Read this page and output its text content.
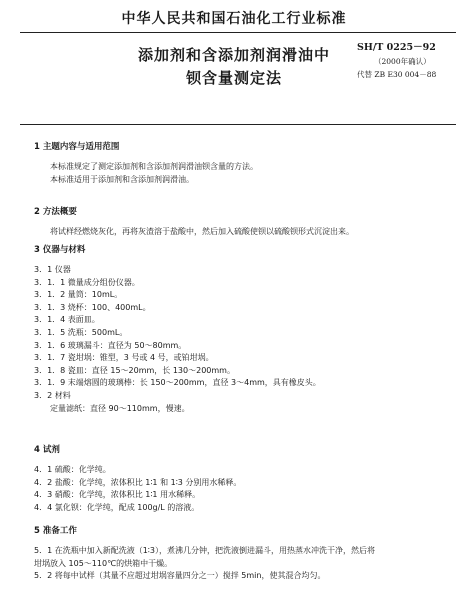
中华人民共和国石油化工行业标准
添加剂和含添加剂润滑油中
钡含量测定法
SH/T 0225－92
（2000年确认）
代替 ZB E30 004－88
1 主题内容与适用范围
本标准规定了测定添加剂和含添加剂润滑油钡含量的方法。
本标准适用于添加剂和含添加剂润滑油。
2 方法概要
将试样经燃烧灰化，再将灰渣溶于盐酸中，然后加入硫酸使钡以硫酸钡形式沉淀出来。
3 仪器与材料
3．1 仪器
3．1．1 微量成分组份仪器。
3．1．2 量筒：10mL。
3．1．3 烧杯：100、400mL。
3．1．4 表面皿。
3．1．5 洗瓶：500mL。
3．1．6 玻璃漏斗：直径为 50～80mm。
3．1．7 瓷坩埚：锥型，3 号或 4 号，或铂坩埚。
3．1．8 瓷皿：直径 15～20mm，长 130～200mm。
3．1．9 末端熔圆的玻璃棒：长 150～200mm，直径 3～4mm，具有橡皮头。
3．2 材料
定量滤纸：直径 90～110mm，慢速。
4 试剂
4．1 硫酸：化学纯。
4．2 盐酸：化学纯，浓体积比 1∶1 和 1∶3 分别用水稀释。
4．3 硝酸：化学纯，浓体积比 1∶1 用水稀释。
4．4 氯化钡：化学纯，配成 100g/L 的溶液。
5 准备工作
5．1 在洗瓶中加入新配洗液（1∶3），煮沸几分钟，把洗液倒进漏斗，用热蒸水冲洗干净，然后将
坩埚放入 105～110℃的烘箱中干燥。
5．2 将每中试样（其量不应超过坩埚容量四分之一）搅拌 5min，使其混合均匀。
